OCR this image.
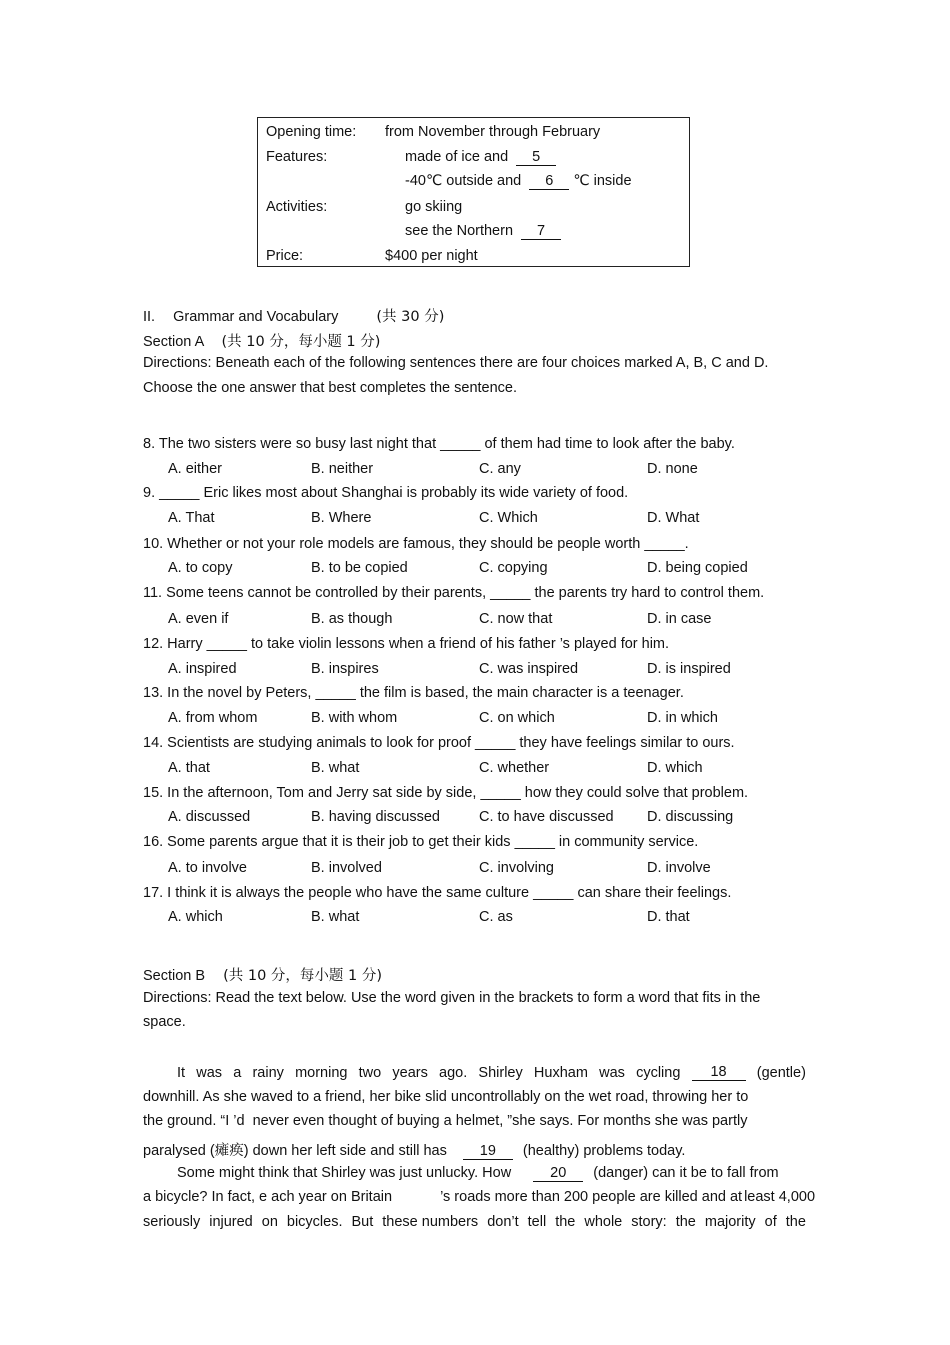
Opening time: from November through February
Features:	made of ice and 5
-40℃ outside and 6 ℃ inside
Activities:	go skiing
see the Northern 7
Price:	$400 per night
II. Grammar and Vocabulary	(共 30 分)
Section A (共 10 分，每小题 1 分)
Directions: Beneath each of the following sentences there are four choices marked A, B, C and D.
Choose the one answer that best completes the sentence.
8. The two sisters were so busy last night that _____ of them had time to look after the baby.
A. either	B. neither	C. any	D. none
9. _____ Eric likes most about Shanghai is probably its wide variety of food.
A. That	B. Where	C. Which	D. What
10. Whether or not your role models are famous, they should be people worth _____.
A. to copy	B. to be copied	C. copying	D. being copied
11. Some teens cannot be controlled by their parents, _____ the parents try hard to control them.
A. even if	B. as though	C. now that	D. in case
12. Harry _____ to take violin lessons when a friend of his father ’s played for him.
A. inspired	B. inspires	C. was inspired	D. is inspired
13. In the novel by Peters, _____ the film is based, the main character is a teenager.
A. from whom	B. with whom	C. on which	D. in which
14. Scientists are studying animals to look for proof _____ they have feelings similar to ours.
A. that	B. what	C. whether	D. which
15. In the afternoon, Tom and Jerry sat side by side, _____ how they could solve that problem.
A. discussed	B. having discussed	C. to have discussed D. discussing
16. Some parents argue that it is their job to get their kids _____ in community service.
A. to involve	B. involved	C. involving	D. involve
17. I think it is always the people who have the same culture _____ can share their feelings.
A. which	B. what	C. as	D. that
Section B (共 10 分，每小题 1 分)
Directions: Read the text below. Use the word given in the brackets to form a word that fits in the
space.
It was a rainy morning two years ago. Shirley Huxham was cycling	18	(gentle)
downhill. As she waved to a friend, her bike slid uncontrollably on the wet road, throwing her to
the ground. “I ’d never even thought of buying a helmet, ”she says. For months she was partly
paralysed (瘫痪) down her left side and still has 19 (healthy) problems today.
Some might think that Shirley was just unlucky. How	20 (danger) can it be to fall from
a bicycle? In fact, e ach year on Britain	’s roads more than 200 people are killed and at least 4,000
seriously injured on bicycles. But these numbers don’t tell the whole story: the majority of the
